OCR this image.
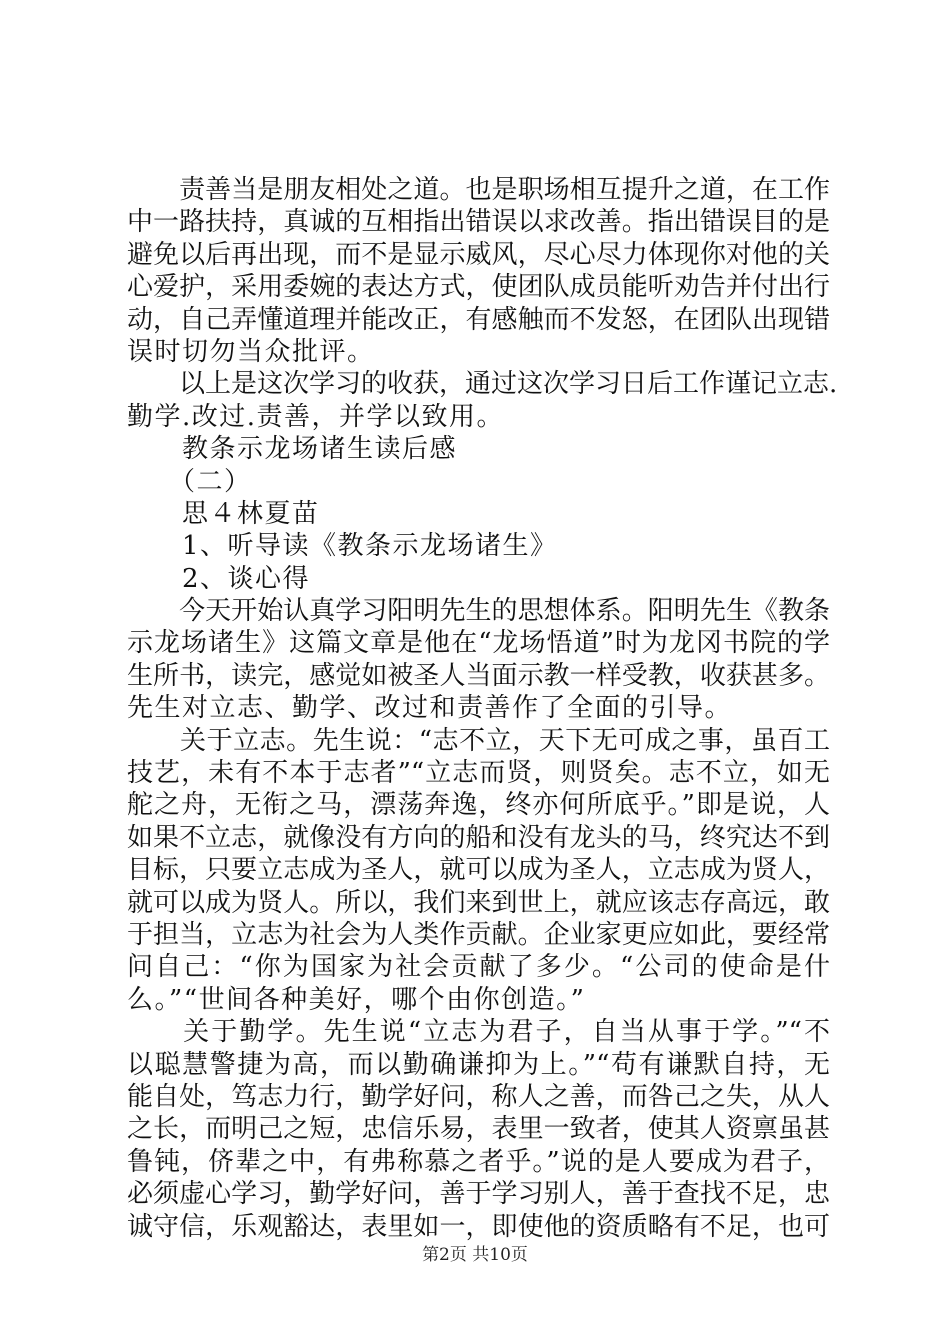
　　责善当是朋友相处之道。也是职场相互提升之道，在工作
中一路扶持，真诚的互相指出错误以求改善。指出错误目的是
避免以后再出现，而不是显示威风，尽心尽力体现你对他的关
心爱护，采用委婉的表达方式，使团队成员能听劝告并付出行
动，自己弄懂道理并能改正，有感触而不发怒，在团队出现错
误时切勿当众批评。
　　以上是这次学习的收获，通过这次学习日后工作谨记立志.
勤学.改过.责善，并学以致用。
　　教条示龙场诸生读后感
　　（二）
　　思４林夏苗
　　1、听导读《教条示龙场诸生》
　　2、谈心得
　　今天开始认真学习阳明先生的思想体系。阳明先生《教条
示龙场诸生》这篇文章是他在“龙场悟道”时为龙冈书院的学
生所书，读完，感觉如被圣人当面示教一样受教，收获甚多。
先生对立志、勤学、改过和责善作了全面的引导。
　　关于立志。先生说：“志不立，天下无可成之事，虽百工
技艺，未有不本于志者”“立志而贤，则贤矣。志不立，如无
舵之舟，无衔之马，漂荡奔逸，终亦何所底乎。”即是说，人
如果不立志，就像没有方向的船和没有龙头的马，终究达不到
目标，只要立志成为圣人，就可以成为圣人，立志成为贤人，
就可以成为贤人。所以，我们来到世上，就应该志存高远，敢
于担当，立志为社会为人类作贡献。企业家更应如此，要经常
问自己：“你为国家为社会贡献了多少。“公司的使命是什
么。”“世间各种美好，哪个由你创造。”
　　关于勤学。先生说“立志为君子，自当从事于学。”“不
以聪慧警捷为高，而以勤确谦抑为上。”“苟有谦默自持，无
能自处，笃志力行，勤学好问，称人之善，而咎己之失，从人
之长，而明己之短，忠信乐易，表里一致者，使其人资禀虽甚
鲁钝，侪辈之中，有弗称慕之者乎。”说的是人要成为君子，
必须虚心学习，勤学好问，善于学习别人，善于查找不足，忠
诚守信，乐观豁达，表里如一，即使他的资质略有不足，也可
第2页 共10页
